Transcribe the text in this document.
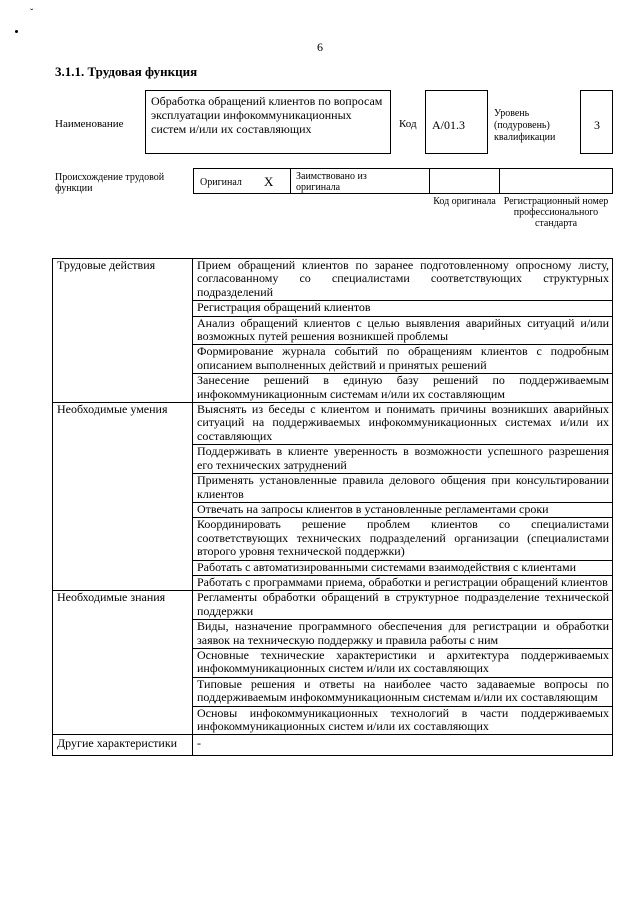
ˇ
6
3.1.1. Трудовая функция
Наименование
Обработка обращений клиентов по вопросам эксплуатации инфокоммуникационных систем и/или их составляющих	Код A/01.3
Уровень (подуровень) квалификации
3
Происхождение трудовой функции
Оригинал X Заимствовано из оригинала
Код оригинала Регистрационный номер профессионального стандарта
Трудовые действия	Прием обращений клиентов по заранее подготовленному опросному листу, согласованному со специалистами соответствующих структурных подразделений
	Регистрация обращений клиентов
	Анализ обращений клиентов с целью выявления аварийных ситуаций и/или возможных путей решения возникшей проблемы
	Формирование журнала событий по обращениям клиентов с подробным описанием выполненных действий и принятых решений
	Занесение решений в единую базу решений по поддерживаемым инфокоммуникационным системам и/или их составляющим
Необходимые умения	Выяснять из беседы с клиентом и понимать причины возникших аварийных ситуаций на поддерживаемых инфокоммуникационных системах и/или их составляющих
	Поддерживать в клиенте уверенность в возможности успешного разрешения его технических затруднений
	Применять установленные правила делового общения при консультировании клиентов
	Отвечать на запросы клиентов в установленные регламентами сроки
	Координировать решение проблем клиентов со специалистами соответствующих технических подразделений организации (специалистами второго уровня технической поддержки)
	Работать с автоматизированными системами взаимодействия с клиентами
	Работать с программами приема, обработки и регистрации обращений клиентов
Необходимые знания	Регламенты обработки обращений в структурное подразделение технической поддержки
	Виды, назначение программного обеспечения для регистрации и обработки заявок на техническую поддержку и правила работы с ним
	Основные технические характеристики и архитектура поддерживаемых инфокоммуникационных систем и/или их составляющих
	Типовые решения и ответы на наиболее часто задаваемые вопросы по поддерживаемым инфокоммуникационным системам и/или их составляющим
	Основы инфокоммуникационных технологий в части поддерживаемых инфокоммуникационных систем и/или их составляющих
Другие характеристики	-
